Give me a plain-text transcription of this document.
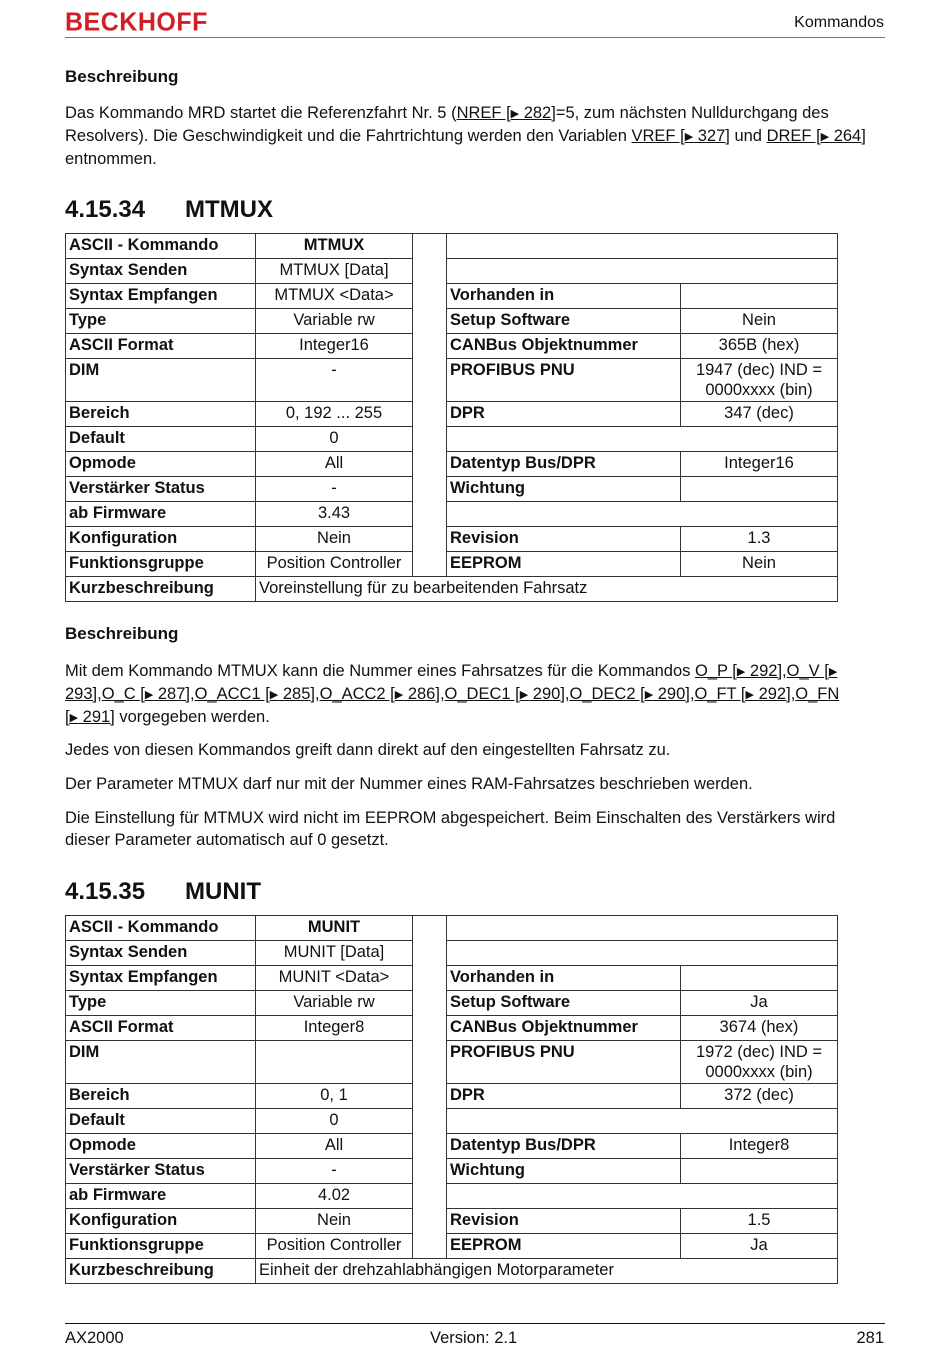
BECKHOFF	Kommandos
Beschreibung
Das Kommando MRD startet die Referenzfahrt Nr. 5 (NREF [▶ 282]=5, zum nächsten Nulldurchgang des Resolvers). Die Geschwindigkeit und die Fahrtrichtung werden den Variablen VREF [▶ 327] und DREF [▶ 264] entnommen.
4.15.34 MTMUX
ASCII - Kommando	MTMUX			
Syntax Senden	MTMUX [Data]			
Syntax Empfangen	MTMUX <Data>		Vorhanden in	
Type	Variable rw		Setup Software	Nein
ASCII Format	Integer16		CANBus Objektnummer	365B (hex)
DIM	-		PROFIBUS PNU	1947 (dec) IND =
0000xxxx (bin)

Bereich	0, 192 ... 255		DPR	347 (dec)
Default	0			
Opmode	All		Datentyp Bus/DPR	Integer16
Verstärker Status	-		Wichtung	
ab Firmware	3.43			
Konfiguration	Nein		Revision	1.3
Funktionsgruppe	Position Controller		EEPROM	Nein
Kurzbeschreibung	Voreinstellung für zu bearbeitenden Fahrsatz			
Beschreibung
Mit dem Kommando MTMUX kann die Nummer eines Fahrsatzes für die Kommandos O_P [▶ 292],O_V [▶ 293],O_C [▶ 287],O_ACC1 [▶ 285],O_ACC2 [▶ 286],O_DEC1 [▶ 290],O_DEC2 [▶ 290],O_FT [▶ 292],O_FN [▶ 291] vorgegeben werden.
Jedes von diesen Kommandos greift dann direkt auf den eingestellten Fahrsatz zu.
Der Parameter MTMUX darf nur mit der Nummer eines RAM-Fahrsatzes beschrieben werden.
Die Einstellung für MTMUX wird nicht im EEPROM abgespeichert. Beim Einschalten des Verstärkers wird dieser Parameter automatisch auf 0 gesetzt.
4.15.35 MUNIT
ASCII - Kommando	MUNIT			
Syntax Senden	MUNIT [Data]			
Syntax Empfangen	MUNIT <Data>		Vorhanden in	
Type	Variable rw		Setup Software	Ja
ASCII Format	Integer8		CANBus Objektnummer	3674 (hex)
DIM			PROFIBUS PNU	1972 (dec) IND =
0000xxxx (bin)

Bereich	0, 1		DPR	372 (dec)
Default	0			
Opmode	All		Datentyp Bus/DPR	Integer8
Verstärker Status	-		Wichtung	
ab Firmware	4.02			
Konfiguration	Nein		Revision	1.5
Funktionsgruppe	Position Controller		EEPROM	Ja
Kurzbeschreibung	Einheit der drehzahlabhängigen Motorparameter			
AX2000	Version: 2.1	281
